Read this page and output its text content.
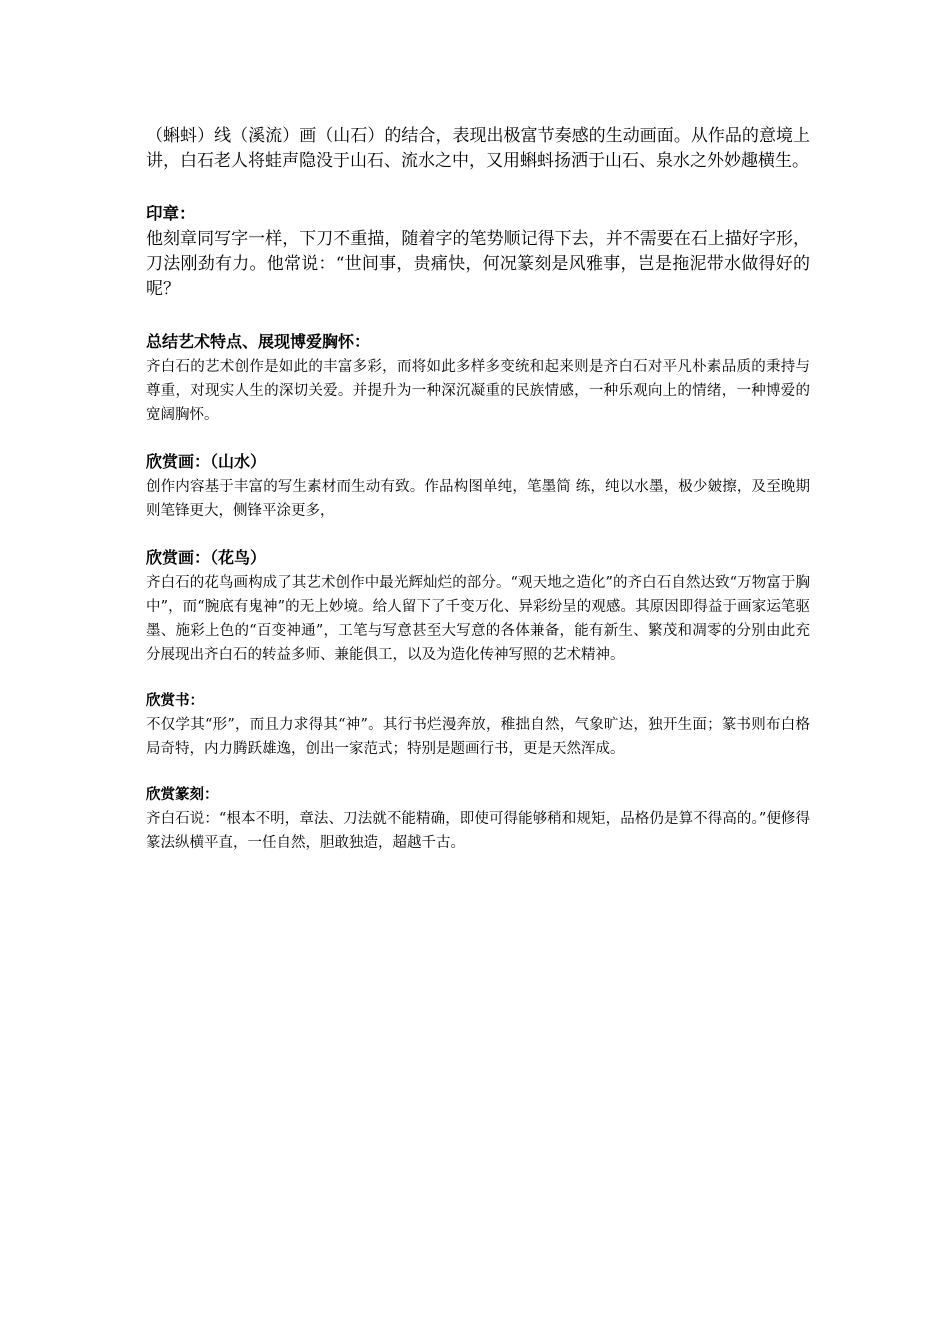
（蝌蚪）线（溪流）画（山石）的结合，表现出极富节奏感的生动画面。从作品的意境上讲，白石老人将蛙声隐没于山石、流水之中，又用蝌蚪扬洒于山石、泉水之外妙趣横生。

印章：

他刻章同写字一样，下刀不重描，随着字的笔势顺记得下去，并不需要在石上描好字形，刀法刚劲有力。他常说：“世间事，贵痛快，何况篆刻是风雅事，岂是拖泥带水做得好的呢？

总结艺术特点、展现博爱胸怀：

齐白石的艺术创作是如此的丰富多彩，而将如此多样多变统和起来则是齐白石对平凡朴素品质的秉持与尊重，对现实人生的深切关爱。并提升为一种深沉凝重的民族情感，一种乐观向上的情绪，一种博爱的宽阔胸怀。

欣赏画：（山水）

创作内容基于丰富的写生素材而生动有致。作品构图单纯，笔墨简 练，纯以水墨，极少皴擦，及至晚期则笔锋更大，侧锋平涂更多，

欣赏画：（花鸟）

齐白石的花鸟画构成了其艺术创作中最光辉灿烂的部分。“观天地之造化”的齐白石自然达致“万物富于胸中”，而“腕底有鬼神”的无上妙境。给人留下了千变万化、异彩纷呈的观感。其原因即得益于画家运笔驱墨、施彩上色的“百变神通”，工笔与写意甚至大写意的各体兼备，能有新生、繁茂和凋零的分别由此充分展现出齐白石的转益多师、兼能俱工，以及为造化传神写照的艺术精神。

欣赏书：

不仅学其“形”，而且力求得其“神”。其行书烂漫奔放，稚拙自然，气象旷达，独开生面；篆书则布白格局奇特，内力腾跃雄逸，创出一家范式；特别是题画行书，更是天然浑成。

欣赏篆刻：

齐白石说：“根本不明，章法、刀法就不能精确，即使可得能够稍和规矩，品格仍是算不得高的。”便修得篆法纵横平直，一任自然，胆敢独造，超越千古。
